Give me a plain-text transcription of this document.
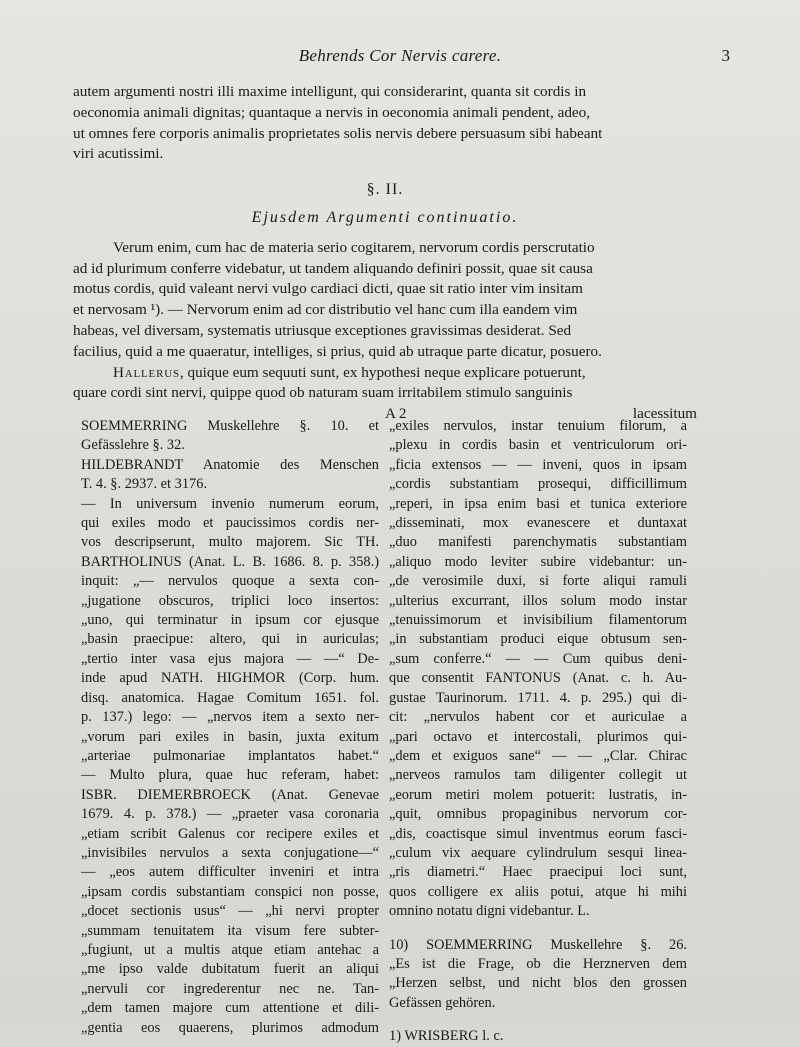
Behrends Cor Nervis carere.	3

autem argumenti nostri illi maxime intelligunt, qui considerarint, quanta sit cordis in
oeconomia animali dignitas; quantaque a nervis in oeconomia animali pendent, adeo,
ut omnes fere corporis animalis proprietates solis nervis debere persuasum sibi habeant
viri acutissimi.

§. II.
Ejusdem Argumenti continuatio.

Verum enim, cum hac de materia serio cogitarem, nervorum cordis perscrutatio
ad id plurimum conferre videbatur, ut tandem aliquando definiri possit, quae sit causa
motus cordis, quid valeant nervi vulgo cardiaci dicti, quae sit ratio inter vim insitam
et nervosam ¹). — Nervorum enim ad cor distributio vel hanc cum illa eandem vim
habeas, vel diversam, systematis utriusque exceptiones gravissimas desiderat. Sed
facilius, quid a me quaeratur, intelliges, si prius, quid ab utraque parte dicatur, posuero.

Hallerus, quique eum sequuti sunt, ex hypothesi neque explicare potuerunt,
quare cordi sint nervi, quippe quod ob naturam suam irritabilem stimulo sanguinis

A 2	lacessitum
SOEMMERRING Muskellehre §. 10. et
Gefässlehre §. 32.
HILDEBRANDT Anatomie des Menschen
T. 4. §. 2937. et 3176.
— In universum invenio numerum eorum,
qui exiles modo et paucissimos cordis ner-
vos descripserunt, multo majorem. Sic TH.
BARTHOLINUS (Anat. L. B. 1686. 8. p. 358.)
inquit: „— nervulos quoque a sexta con-
„jugatione obscuros, triplici loco insertos:
„uno, qui terminatur in ipsum cor ejusque
„basin praecipue: altero, qui in auriculas;
„tertio inter vasa ejus majora — —“ De-
inde apud NATH. HIGHMOR (Corp. hum.
disq. anatomica. Hagae Comitum 1651. fol.
p. 137.) lego: — „nervos item a sexto ner-
„vorum pari exiles in basin, juxta exitum
„arteriae pulmonariae implantatos habet.“
— Multo plura, quae huc referam, habet:
ISBR. DIEMERBROECK (Anat. Genevae
1679. 4. p. 378.) — „praeter vasa coronaria
„etiam scribit Galenus cor recipere exiles et
„invisibiles nervulos a sexta conjugatione—“
— „eos autem difficulter inveniri et intra
„ipsam cordis substantiam conspici non posse,
„docet sectionis usus“ — „hi nervi propter
„summam tenuitatem ita visum fere subter-
„fugiunt, ut a multis atque etiam antehac a
„me ipso valde dubitatum fuerit an aliqui
„nervuli cor ingrederentur nec ne. Tan-
„dem tamen majore cum attentione et dili-
„gentia eos quaerens, plurimos admodum
„exiles nervulos, instar tenuium filorum, a
„plexu in cordis basin et ventriculorum ori-
„ficia extensos — — inveni, quos in ipsam
„cordis substantiam prosequi, difficillimum
„reperi, in ipsa enim basi et tunica exteriore
„disseminati, mox evanescere et duntaxat
„duo manifesti parenchymatis substantiam
„aliquo modo leviter subire videbantur: un-
„de verosimile duxi, si forte aliqui ramuli
„ulterius excurrant, illos solum modo instar
„tenuissimorum et invisibilium filamentorum
„in substantiam produci eique obtusum sen-
„sum conferre.“ — — Cum quibus deni-
que consentit FANTONUS (Anat. c. h. Au-
gustae Taurinorum. 1711. 4. p. 295.) qui di-
cit: „nervulos habent cor et auriculae a
„pari octavo et intercostali, plurimos qui-
„dem et exiguos sane“ — — „Clar. Chirac
„nerveos ramulos tam diligenter collegit ut
„eorum metiri molem potuerit: lustratis, in-
„quit, omnibus propaginibus nervorum cor-
„dis, coactisque simul inventmus eorum fasci-
„culum vix aequare cylindrulum sesqui linea-
„ris diametri.“ Haec praecipui loci sunt,
quos colligere ex aliis potui, atque hi mihi
omnino notatu digni videbantur. L.
10) SOEMMERRING Muskellehre §. 26.
„Es ist die Frage, ob die Herznerven dem
„Herzen selbst, und nicht blos den grossen
Gefässen gehören.
1) WRISBERG l. c.
